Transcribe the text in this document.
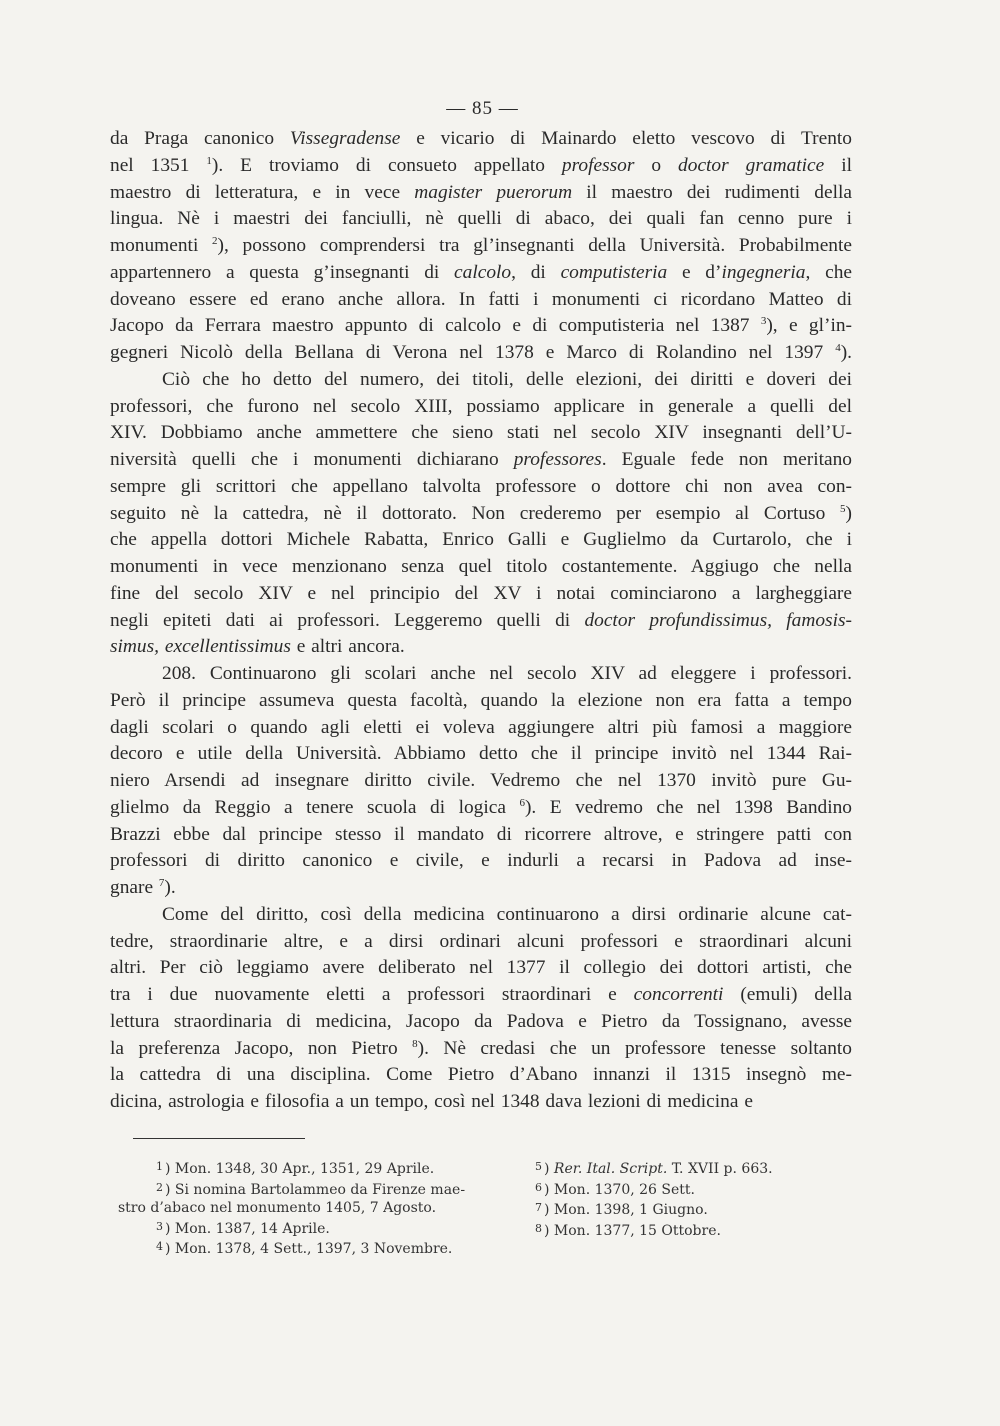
— 85 —
da Praga canonico Vissegradense e vicario di Mainardo eletto vescovo di Trento
nel 1351 $^1$). E troviamo di consueto appellato professor o doctor gramatice il
maestro di letteratura, e in vece magister puerorum il maestro dei rudimenti della
lingua. Nè i maestri dei fanciulli, nè quelli di abaco, dei quali fan cenno pure i
monumenti $^2$), possono comprendersi tra gl’insegnanti della Università. Probabilmente
appartennero a questa g’insegnanti di calcolo, di computisteria e d’ingegneria, che
doveano essere ed erano anche allora. In fatti i monumenti ci ricordano Matteo di
Jacopo da Ferrara maestro appunto di calcolo e di computisteria nel 1387 $^3$), e gl’in-
gegneri Nicolò della Bellana di Verona nel 1378 e Marco di Rolandino nel 1397 $^4$).
Ciò che ho detto del numero, dei titoli, delle elezioni, dei diritti e doveri dei
professori, che furono nel secolo XIII, possiamo applicare in generale a quelli del
XIV. Dobbiamo anche ammettere che sieno stati nel secolo XIV insegnanti dell’U-
niversità quelli che i monumenti dichiarano professores. Eguale fede non meritano
sempre gli scrittori che appellano talvolta professore o dottore chi non avea con-
seguito nè la cattedra, nè il dottorato. Non crederemo per esempio al Cortuso $^5$)
che appella dottori Michele Rabatta, Enrico Galli e Guglielmo da Curtarolo, che i
monumenti in vece menzionano senza quel titolo costantemente. Aggiugo che nella
fine del secolo XIV e nel principio del XV i notai cominciarono a largheggiare
negli epiteti dati ai professori. Leggeremo quelli di doctor profundissimus, famosis-
simus, excellentissimus e altri ancora.
208. Continuarono gli scolari anche nel secolo XIV ad eleggere i professori.
Però il principe assumeva questa facoltà, quando la elezione non era fatta a tempo
dagli scolari o quando agli eletti ei voleva aggiungere altri più famosi a maggiore
decoro e utile della Università. Abbiamo detto che il principe invitò nel 1344 Rai-
niero Arsendi ad insegnare diritto civile. Vedremo che nel 1370 invitò pure Gu-
glielmo da Reggio a tenere scuola di logica $^6$). E vedremo che nel 1398 Bandino
Brazzi ebbe dal principe stesso il mandato di ricorrere altrove, e stringere patti con
professori di diritto canonico e civile, e indurli a recarsi in Padova ad inse-
gnare $^7$).
Come del diritto, così della medicina continuarono a dirsi ordinarie alcune cat-
tedre, straordinarie altre, e a dirsi ordinari alcuni professori e straordinari alcuni
altri. Per ciò leggiamo avere deliberato nel 1377 il collegio dei dottori artisti, che
tra i due nuovamente eletti a professori straordinari e concorrenti (emuli) della
lettura straordinaria di medicina, Jacopo da Padova e Pietro da Tossignano, avesse
la preferenza Jacopo, non Pietro $^8$). Nè credasi che un professore tenesse soltanto
la cattedra di una disciplina. Come Pietro d’Abano innanzi il 1315 insegnò me-
dicina, astrologia e filosofia a un tempo, così nel 1348 dava lezioni di medicina e
$^1$ ) Mon. 1348, 30 Apr., 1351, 29 Aprile.
$^2$ ) Si nomina Bartolammeo da Firenze mae-
stro d’abaco nel monumento 1405, 7 Agosto.
$^3$ ) Mon. 1387, 14 Aprile.
$^4$ ) Mon. 1378, 4 Sett., 1397, 3 Novembre.
$^5$ ) Rer. Ital. Script. T. XVII p. 663.
$^6$ ) Mon. 1370, 26 Sett.
$^7$ ) Mon. 1398, 1 Giugno.
$^8$ ) Mon. 1377, 15 Ottobre.
